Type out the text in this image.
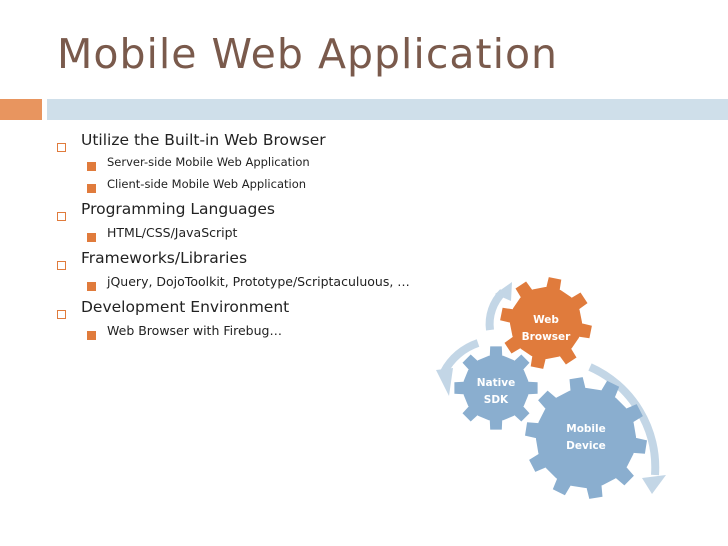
Mobile Web Application
Utilize the Built-in Web Browser
Server-side Mobile Web Application
Client-side Mobile Web Application
Programming Languages
HTML/CSS/JavaScript
Frameworks/Libraries
jQuery, DojoToolkit, Prototype/Scriptaculuous, …
Development Environment
Web Browser with Firebug…
Web
Browser
Native
SDK
Mobile
Device
